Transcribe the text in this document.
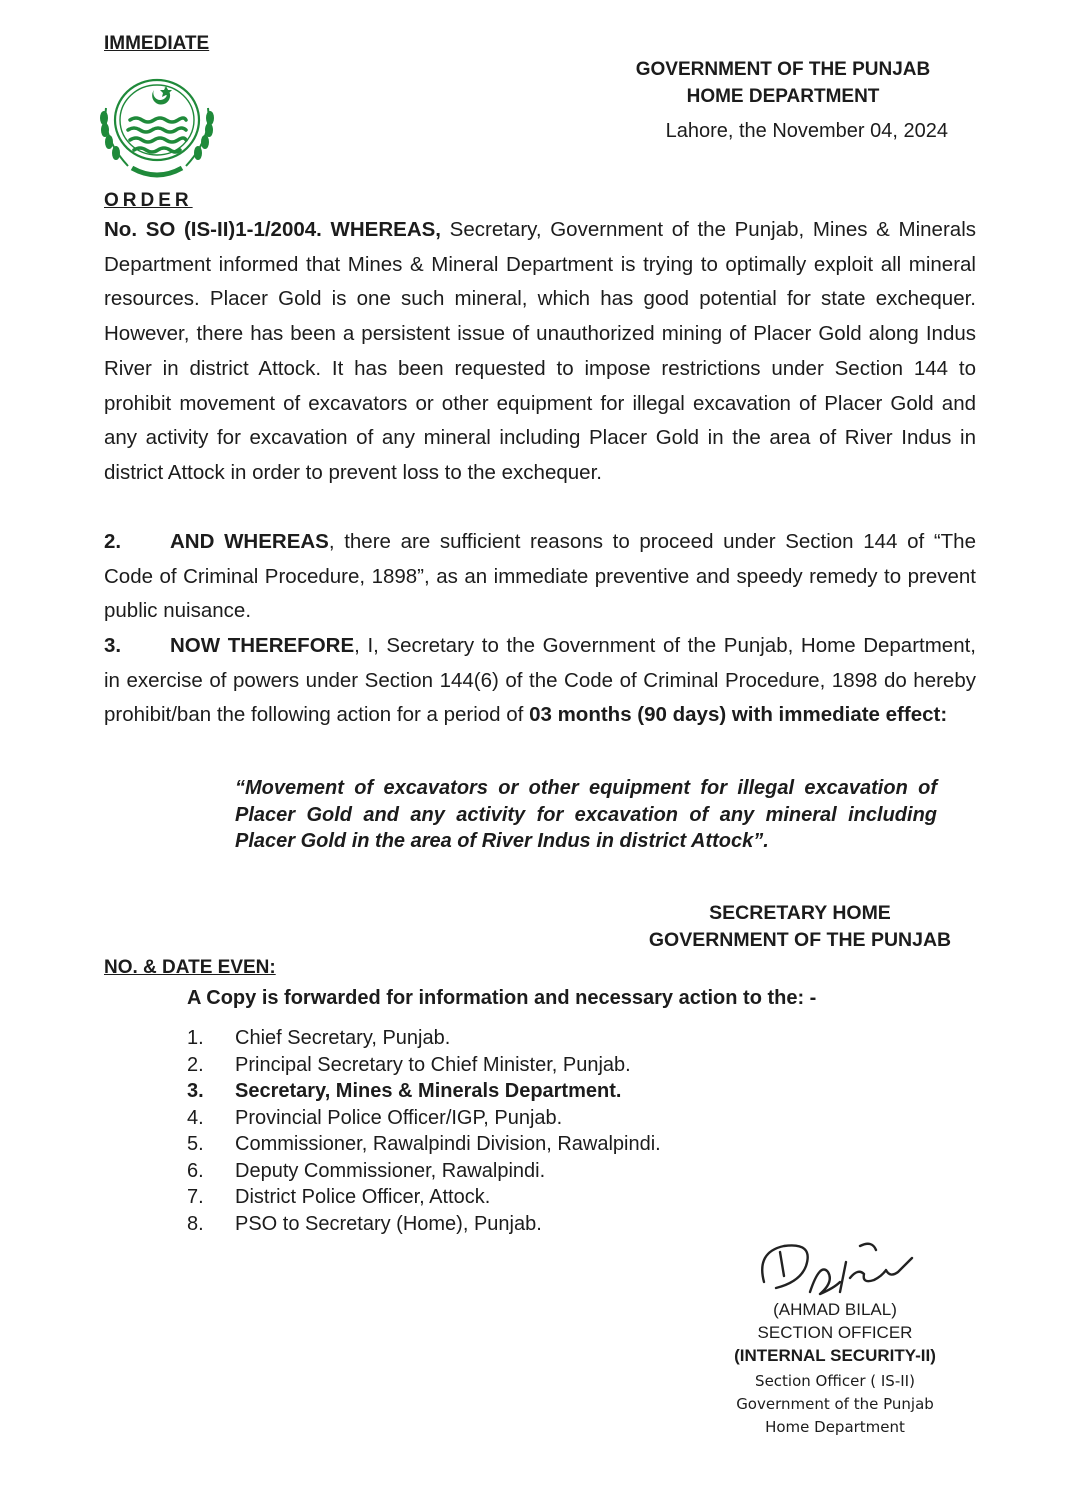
IMMEDIATE
GOVERNMENT OF THE PUNJAB
HOME DEPARTMENT
Lahore, the November 04, 2024
ORDER
No. SO (IS-II)1-1/2004. WHEREAS, Secretary, Government of the Punjab, Mines & Minerals Department informed that Mines & Mineral Department is trying to optimally exploit all mineral resources. Placer Gold is one such mineral, which has good potential for state exchequer. However, there has been a persistent issue of unauthorized mining of Placer Gold along Indus River in district Attock. It has been requested to impose restrictions under Section 144 to prohibit movement of excavators or other equipment for illegal excavation of Placer Gold and any activity for excavation of any mineral including Placer Gold in the area of River Indus in district Attock in order to prevent loss to the exchequer.
2. AND WHEREAS, there are sufficient reasons to proceed under Section 144 of “The Code of Criminal Procedure, 1898”, as an immediate preventive and speedy remedy to prevent public nuisance.
3. NOW THEREFORE, I, Secretary to the Government of the Punjab, Home Department, in exercise of powers under Section 144(6) of the Code of Criminal Procedure, 1898 do hereby prohibit/ban the following action for a period of 03 months (90 days) with immediate effect:
“Movement of excavators or other equipment for illegal excavation of Placer Gold and any activity for excavation of any mineral including Placer Gold in the area of River Indus in district Attock”.
SECRETARY HOME
GOVERNMENT OF THE PUNJAB
NO. & DATE EVEN:
A Copy is forwarded for information and necessary action to the: -
1.	Chief Secretary, Punjab.
2.	Principal Secretary to Chief Minister, Punjab.
3.	Secretary, Mines & Minerals Department.
4.	Provincial Police Officer/IGP, Punjab.
5.	Commissioner, Rawalpindi Division, Rawalpindi.
6.	Deputy Commissioner, Rawalpindi.
7.	District Police Officer, Attock.
8.	PSO to Secretary (Home), Punjab.
(AHMAD BILAL)
SECTION OFFICER
(INTERNAL SECURITY-II)
Section Officer ( IS-II)
Government of the Punjab
Home Department
